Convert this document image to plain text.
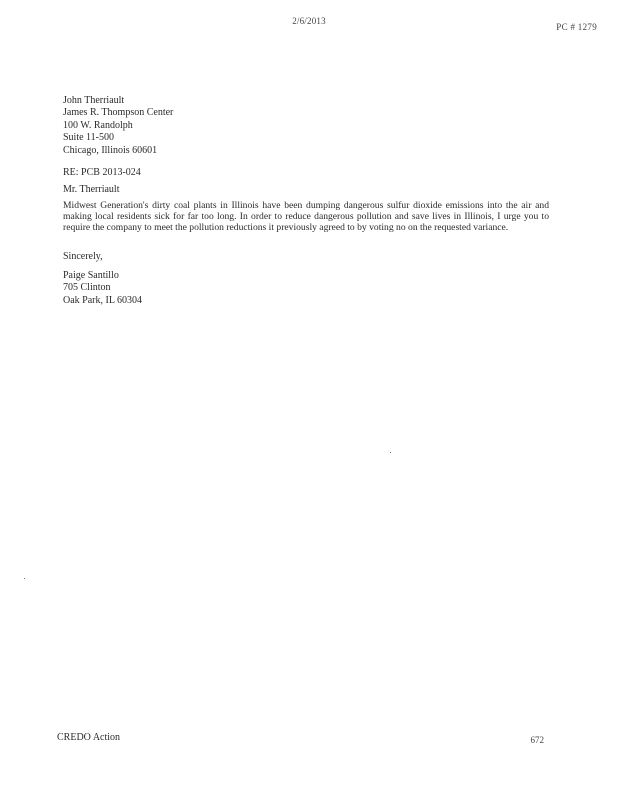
2/6/2013
PC # 1279
John Therriault
James R. Thompson Center
100 W. Randolph
Suite 11-500
Chicago, Illinois 60601
RE: PCB 2013-024
Mr. Therriault
Midwest Generation's dirty coal plants in Illinois have been dumping dangerous sulfur dioxide emissions into the air and making local residents sick for far too long. In order to reduce dangerous pollution and save lives in Illinois, I urge you to require the company to meet the pollution reductions it previously agreed to by voting no on the requested variance.
Sincerely,
Paige Santillo
705 Clinton
Oak Park, IL 60304
CREDO Action	672
